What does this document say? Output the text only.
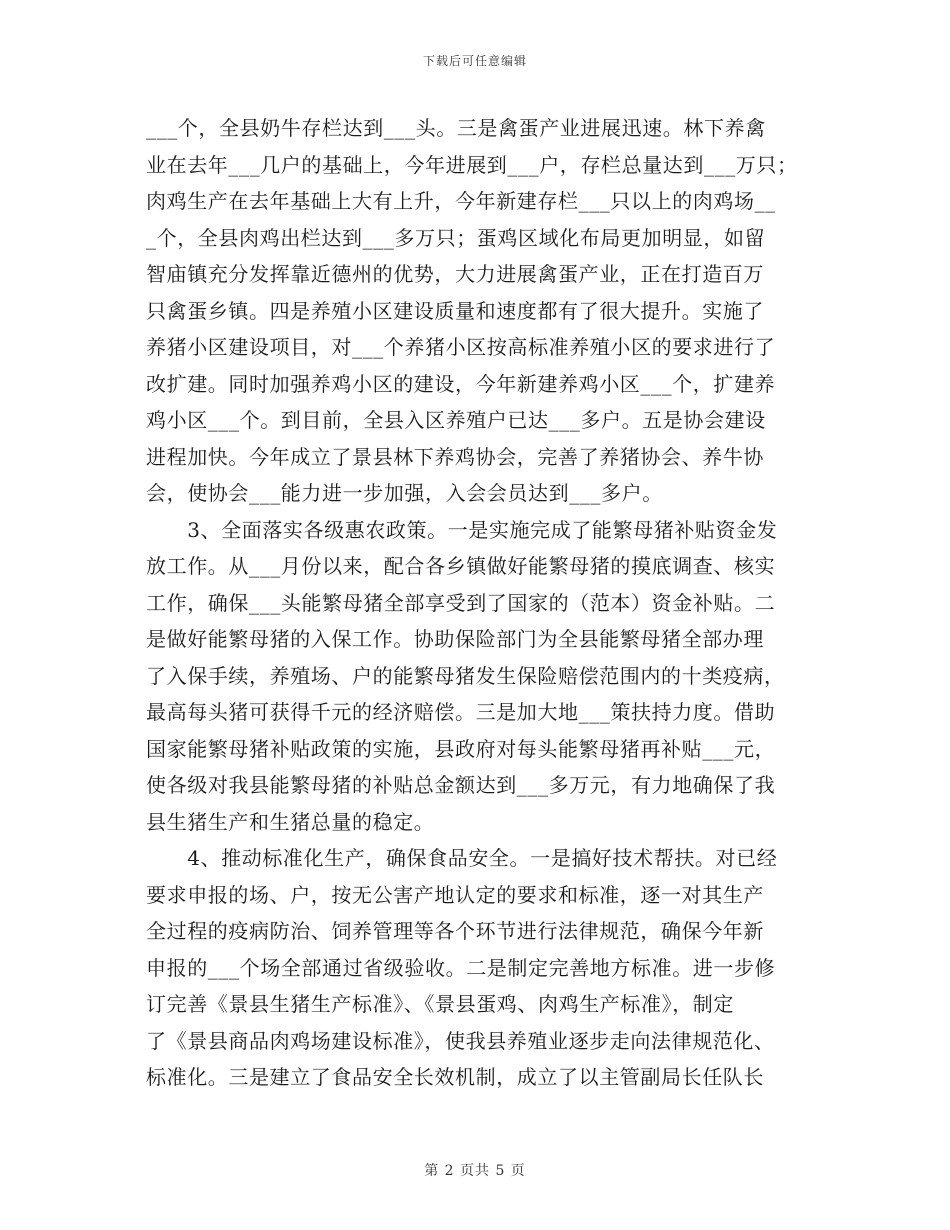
下载后可任意编辑
___个，全县奶牛存栏达到___头。三是禽蛋产业进展迅速。林下养禽
业在去年___几户的基础上，今年进展到___户，存栏总量达到___万只；
肉鸡生产在去年基础上大有上升，今年新建存栏___只以上的肉鸡场__
_个，全县肉鸡出栏达到___多万只；蛋鸡区域化布局更加明显，如留
智庙镇充分发挥靠近德州的优势，大力进展禽蛋产业，正在打造百万
只禽蛋乡镇。四是养殖小区建设质量和速度都有了很大提升。实施了
养猪小区建设项目，对___个养猪小区按高标准养殖小区的要求进行了
改扩建。同时加强养鸡小区的建设，今年新建养鸡小区___个，扩建养
鸡小区___个。到目前，全县入区养殖户已达___多户。五是协会建设
进程加快。今年成立了景县林下养鸡协会，完善了养猪协会、养牛协
会，使协会___能力进一步加强，入会会员达到___多户。
　　3、全面落实各级惠农政策。一是实施完成了能繁母猪补贴资金发
放工作。从___月份以来，配合各乡镇做好能繁母猪的摸底调查、核实
工作，确保___头能繁母猪全部享受到了国家的（范本）资金补贴。二
是做好能繁母猪的入保工作。协助保险部门为全县能繁母猪全部办理
了入保手续，养殖场、户的能繁母猪发生保险赔偿范围内的十类疫病，
最高每头猪可获得千元的经济赔偿。三是加大地___策扶持力度。借助
国家能繁母猪补贴政策的实施，县政府对每头能繁母猪再补贴___元，
使各级对我县能繁母猪的补贴总金额达到___多万元，有力地确保了我
县生猪生产和生猪总量的稳定。
　　4、推动标准化生产，确保食品安全。一是搞好技术帮扶。对已经
要求申报的场、户，按无公害产地认定的要求和标准，逐一对其生产
全过程的疫病防治、饲养管理等各个环节进行法律规范，确保今年新
申报的___个场全部通过省级验收。二是制定完善地方标准。进一步修
订完善《景县生猪生产标准》、《景县蛋鸡、肉鸡生产标准》，制定
了《景县商品肉鸡场建设标准》，使我县养殖业逐步走向法律规范化、
标准化。三是建立了食品安全长效机制，成立了以主管副局长任队长
第 2 页共 5 页
